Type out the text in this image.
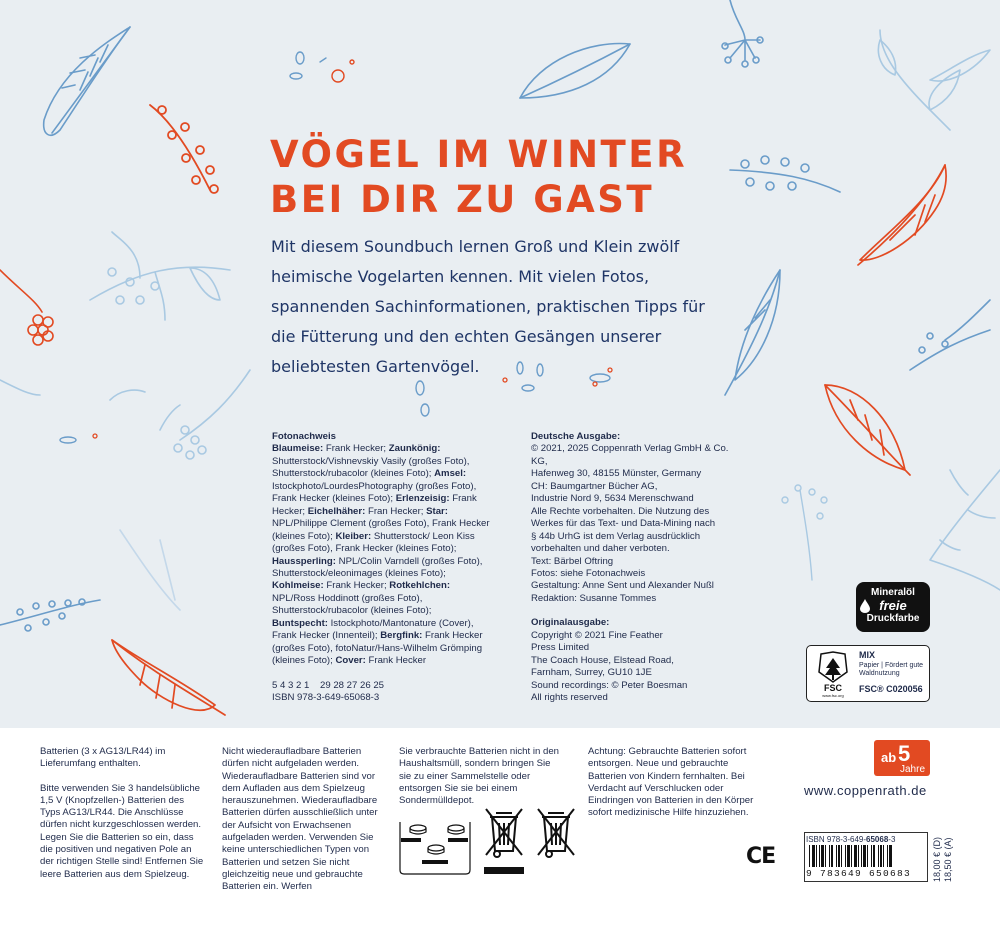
VÖGEL IM WINTER
BEI DIR ZU GAST

Mit diesem Soundbuch lernen Groß und Klein zwölf heimische Vogelarten kennen. Mit vielen Fotos, spannenden Sachinformationen, praktischen Tipps für die Fütterung und den echten Gesängen unserer beliebtesten Gartenvögel.

Fotonachweis
Blaumeise: Frank Hecker; Zaunkönig: Shutterstock/Vishnevskiy Vasily (großes Foto), Shutterstock/rubacolor (kleines Foto); Amsel: Istockphoto/LourdesPhotography (großes Foto), Frank Hecker (kleines Foto); Erlenzeisig: Frank Hecker; Eichelhäher: Fran Hecker; Star: NPL/Philippe Clement (großes Foto), Frank Hecker (kleines Foto); Kleiber: Shutterstock/ Leon Kiss (großes Foto), Frank Hecker (kleines Foto); Haussperling: NPL/Colin Varndell (großes Foto), Shutterstock/eleonimages (kleines Foto); Kohlmeise: Frank Hecker; Rotkehlchen: NPL/Ross Hoddinott (großes Foto), Shutterstock/rubacolor (kleines Foto); Buntspecht: Istockphoto/Mantonature (Cover), Frank Hecker (Innenteil); Bergfink: Frank Hecker (großes Foto), fotoNatur/Hans-Wilhelm Grömping (kleines Foto); Cover: Frank Hecker
5 4 3 2 1    29 28 27 26 25
ISBN 978-3-649-65068-3
Deutsche Ausgabe:
© 2021, 2025 Coppenrath Verlag GmbH & Co. KG,
Hafenweg 30, 48155 Münster, Germany
CH: Baumgartner Bücher AG,
Industrie Nord 9, 5634 Merenschwand
Alle Rechte vorbehalten. Die Nutzung des
Werkes für das Text- und Data-Mining nach
§ 44b UrhG ist dem Verlag ausdrücklich
vorbehalten und daher verboten.
Text: Bärbel Oftring
Fotos: siehe Fotonachweis
Gestaltung: Anne Sent und Alexander Nußl
Redaktion: Susanne Tommes
Originalausgabe:
Copyright © 2021 Fine Feather
Press Limited
The Coach House, Elstead Road,
Farnham, Surrey, GU10 1JE
Sound recordings: © Peter Boesman
All rights reserved
Mineralöl
freie
Druckfarbe
FSC
www.fsc.org
MIX
Papier | Fördert gute Waldnutzung
FSC® C020056
Batterien (3 x AG13/LR44) im Lieferumfang enthalten.
Bitte verwenden Sie 3 handelsübliche 1,5 V (Knopfzellen-) Batterien des Typs AG13/LR44. Die Anschlüsse dürfen nicht kurzgeschlossen werden. Legen Sie die Batterien so ein, dass die positiven und negativen Pole an der richtigen Stelle sind! Entfernen Sie leere Batterien aus dem Spielzeug.
Nicht wiederaufladbare Batterien dürfen nicht aufgeladen werden. Wiederaufladbare Batterien sind vor dem Aufladen aus dem Spielzeug herauszunehmen. Wiederaufladbare Batterien dürfen ausschließlich unter der Aufsicht von Erwachsenen aufgeladen werden. Verwenden Sie keine unterschiedlichen Typen von Batterien und setzen Sie nicht gleichzeitig neue und gebrauchte Batterien ein. Werfen
Sie verbrauchte Batterien nicht in den Haushaltsmüll, sondern bringen Sie sie zu einer Sammelstelle oder entsorgen Sie sie bei einem Sondermülldepot.
Achtung: Gebrauchte Batterien sofort entsorgen. Neue und gebrauchte Batterien von Kindern fernhalten. Bei Verdacht auf Verschlucken oder Eindringen von Batterien in den Körper sofort medizinische Hilfe hinzuziehen.
ab 5
Jahre
www.coppenrath.de
CE
ISBN 978-3-649-65068-3
9 783649 650683 18,00 € (D) 18,50 € (A)
